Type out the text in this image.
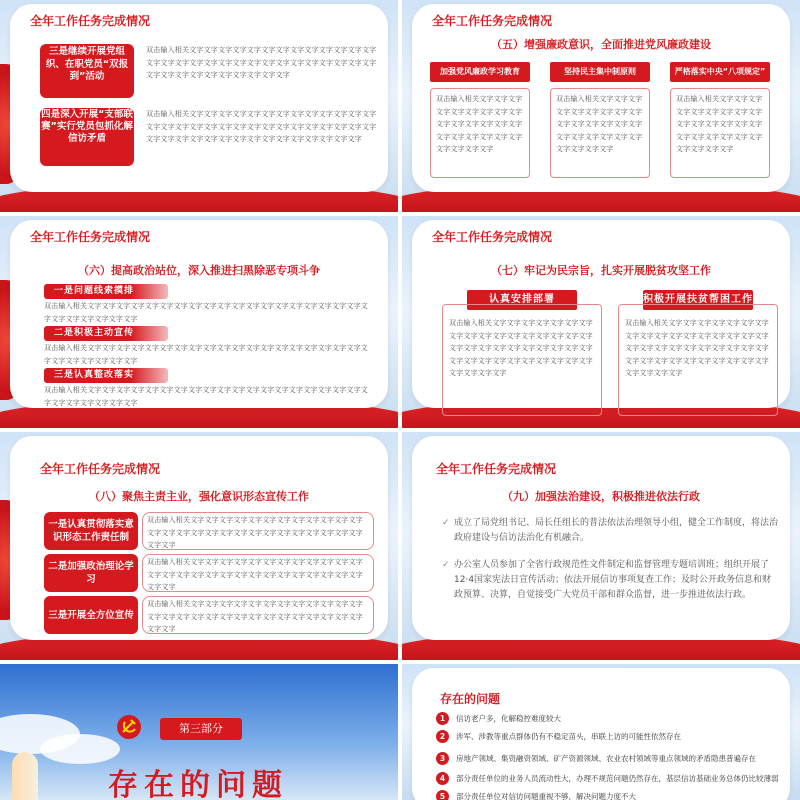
全年工作任务完成情况
三是继续开展党组织、在职党员“双报到”活动
双击输入相关文字文字文字文字文字文字文字文字文字文字文字文字文字文字文字文字文字文字文字文字文字文字文字文字文字文字文字文字文字文字文字文字文字文字文字文字文字文字文字
四是深入开展“支部联赛”实行党员包抓化解信访矛盾
双击输入相关文字文字文字文字文字文字文字文字文字文字文字文字文字文字文字文字文字文字文字文字文字文字文字文字文字文字文字文字文字文字文字文字文字文字文字文字文字文字文字文字文字文字文字文字
全年工作任务完成情况
（五）增强廉政意识，全面推进党风廉政建设
加强党风廉政学习教育
双击输入相关文字文字文字文字文字文字文字文字文字文字文字文字文字文字文字文字文字文字文字文字文字文字文字文字文字
坚持民主集中制原则
双击输入相关文字文字文字文字文字文字文字文字文字文字文字文字文字文字文字文字文字文字文字文字文字文字文字文字文字
严格落实中央“八项规定”
双击输入相关文字文字文字文字文字文字文字文字文字文字文字文字文字文字文字文字文字文字文字文字文字文字文字文字文字
全年工作任务完成情况
（六）提高政治站位，深入推进扫黑除恶专项斗争
一是问题线索摸排
双击输入相关文字文字文字文字文字文字文字文字文字文字文字文字文字文字文字文字文字文字文字文字文字文字文字文字文字文字
二是积极主动宣传
双击输入相关文字文字文字文字文字文字文字文字文字文字文字文字文字文字文字文字文字文字文字文字文字文字文字文字文字文字
三是认真整改落实
双击输入相关文字文字文字文字文字文字文字文字文字文字文字文字文字文字文字文字文字文字文字文字文字文字文字文字文字文字
全年工作任务完成情况
（七）牢记为民宗旨，扎实开展脱贫攻坚工作
认真安排部署
双击输入相关文字文字文字文字文字文字文字文字文字文字文字文字文字文字文字文字文字文字文字文字文字文字文字文字文字文字文字文字文字文字文字文字文字文字文字文字文字文字文字文字文字
积极开展扶贫帮困工作
双击输入相关文字文字文字文字文字文字文字文字文字文字文字文字文字文字文字文字文字文字文字文字文字文字文字文字文字文字文字文字文字文字文字文字文字文字文字文字文字文字文字文字文字
全年工作任务完成情况
（八）聚焦主责主业，强化意识形态宣传工作
一是认真贯彻落实意识形态工作责任制
双击输入相关文字文字文字文字文字文字文字文字文字文字文字文字文字文字文字文字文字文字文字文字文字文字文字文字文字文字文字文字文字
二是加强政治理论学习
双击输入相关文字文字文字文字文字文字文字文字文字文字文字文字文字文字文字文字文字文字文字文字文字文字文字文字文字文字文字文字文字
三是开展全方位宣传
双击输入相关文字文字文字文字文字文字文字文字文字文字文字文字文字文字文字文字文字文字文字文字文字文字文字文字文字文字文字文字文字
全年工作任务完成情况
（九）加强法治建设，积极推进依法行政
✓ 成立了局党组书记、局长任组长的普法依法治理领导小组，健全工作制度，将法治政府建设与信访法治化有机融合。
✓ 办公室人员参加了全省行政规范性文件制定和监督管理专题培训班；组织开展了12·4国家宪法日宣传活动；依法开展信访事项复查工作；及时公开政务信息和财政预算、决算，自觉接受广大党员干部和群众监督，进一步推进依法行政。
第三部分
存在的问题
存在的问题
1	信访老户多，化解稳控难度较大
2	涉军、涉教等重点群体仍有不稳定苗头，串联上访的可能性依然存在
3	房地产领域、集资融资领域、矿产资源领域、农业农村领域等重点领域的矛盾隐患普遍存在
4	部分责任单位的业务人员流动性大，办理不规范问题仍然存在，基层信访基础业务总体仍比较薄弱
5	部分责任单位对信访问题重视不够，解决问题力度不大
